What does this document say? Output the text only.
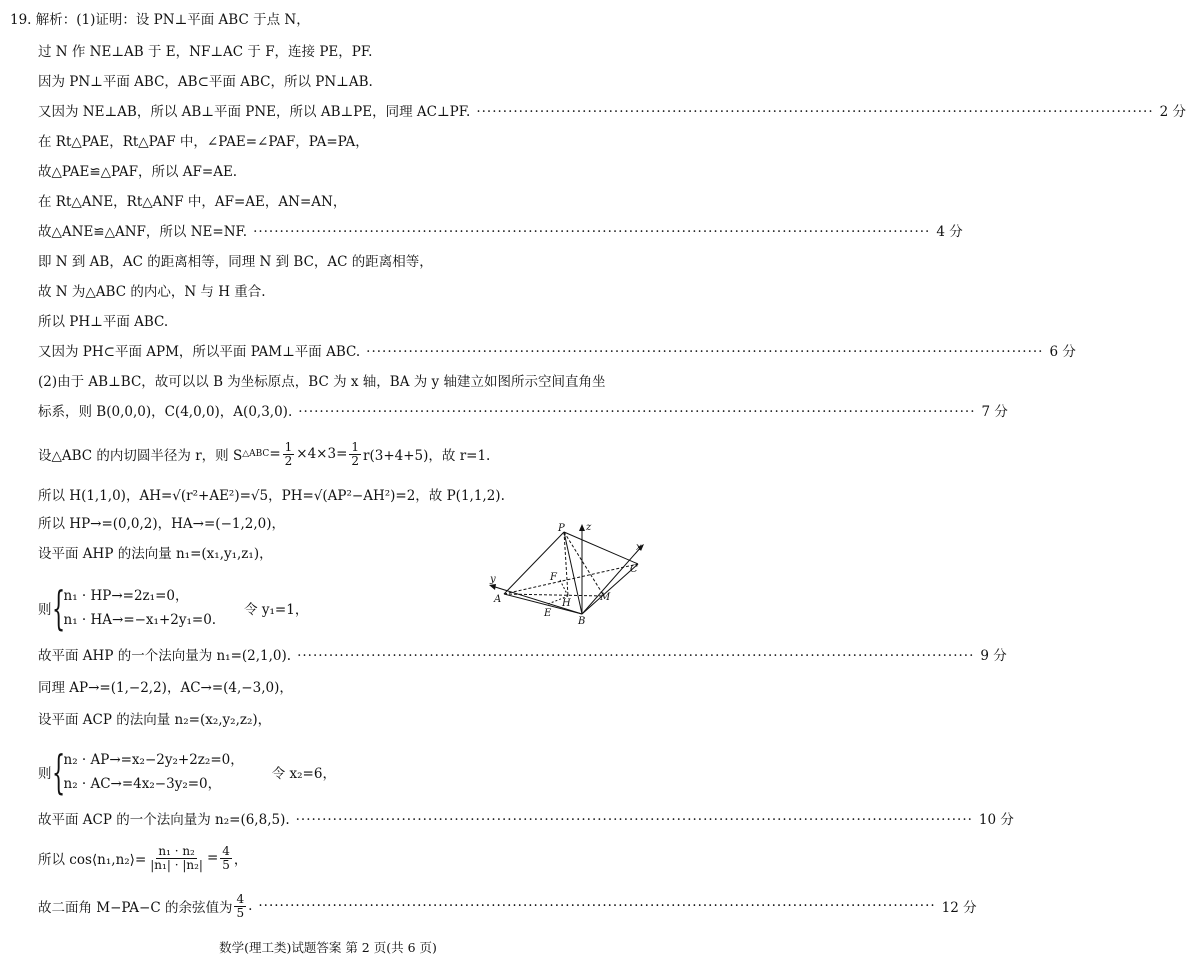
19. 解析：(1)证明：设 PN⊥平面 ABC 于点 N，
过 N 作 NE⊥AB 于 E，NF⊥AC 于 F，连接 PE，PF.
因为 PN⊥平面 ABC，AB⊂平面 ABC，所以 PN⊥AB.
又因为 NE⊥AB，所以 AB⊥平面 PNE，所以 AB⊥PE，同理 AC⊥PF. ································································································································ 2 分
在 Rt△PAE，Rt△PAF 中，∠PAE=∠PAF，PA=PA，
故△PAE≌△PAF，所以 AF=AE.
在 Rt△ANE，Rt△ANF 中，AF=AE，AN=AN，
故△ANE≌△ANF，所以 NE=NF. ································································································································ 4 分
即 N 到 AB，AC 的距离相等，同理 N 到 BC，AC 的距离相等，
故 N 为△ABC 的内心，N 与 H 重合.
所以 PH⊥平面 ABC.
又因为 PH⊂平面 APM，所以平面 PAM⊥平面 ABC. ································································································································ 6 分
(2)由于 AB⊥BC，故可以以 B 为坐标原点，BC 为 x 轴，BA 为 y 轴建立如图所示空间直角坐
标系，则 B(0,0,0)，C(4,0,0)，A(0,3,0). ································································································································ 7 分
设△ABC 的内切圆半径为 r，则 S △ABC = $\frac{1}{2} \times 4\times 3= \frac{1}{2} r(3+4+5)$，故 r=1.
所以 H(1,1,0)，AH=√(r²+AE²)=√5，PH=√(AP²−AH²)=2，故 P(1,1,2).
所以 HP→=(0,0,2)，HA→=(−1,2,0)，
设平面 AHP 的法向量 n₁=(x₁,y₁,z₁)，
则 {
n₁ · HP→=2z₁=0，
n₁ · HA→=−x₁+2y₁=0.
令 y₁=1，
故平面 AHP 的一个法向量为 n₁=(2,1,0). ································································································································ 9 分
同理 AP→=(1,−2,2)，AC→=(4,−3,0)，
设平面 ACP 的法向量 n₂=(x₂,y₂,z₂)，
则 {
n₂ · AP→=x₂−2y₂+2z₂=0，
n₂ · AC→=4x₂−3y₂=0，
令 x₂=6，
故平面 ACP 的一个法向量为 n₂=(6,8,5). ································································································································ 10 分
所以 cos⟨n₁,n₂⟩= $\frac{\text{n₁ · n₂}}{\text{|n₁| · |n₂|}} = \frac{4}{5}$ ，
故二面角 M−PA−C 的余弦值为 $\frac{4}{5}$ . ································································································································ 12 分
P z
x
y
C
F
A	H
M
E
B
数学(理工类)试题答案 第 2 页(共 6 页)
